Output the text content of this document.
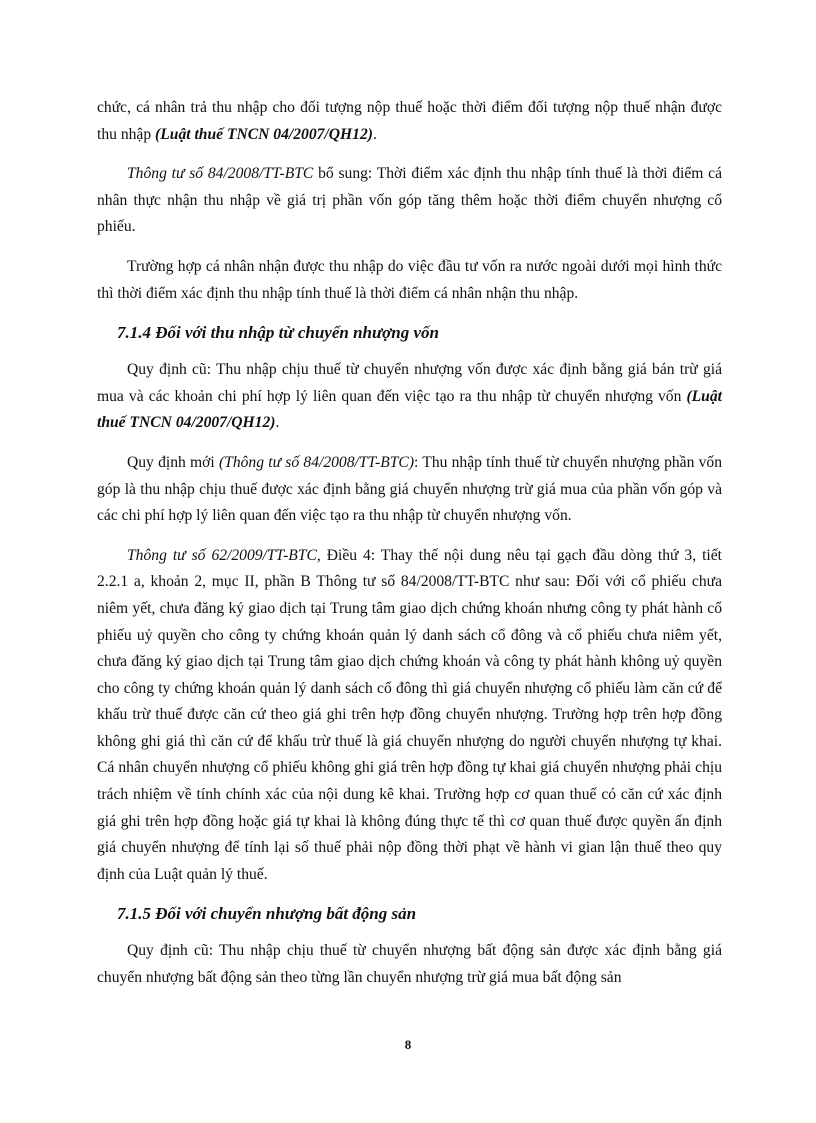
chức, cá nhân trả thu nhập cho đối tượng nộp thuế hoặc thời điểm đối tượng nộp thuế nhận được thu nhập (Luật thuế TNCN 04/2007/QH12).

Thông tư số 84/2008/TT-BTC bổ sung: Thời điểm xác định thu nhập tính thuế là thời điểm cá nhân thực nhận thu nhập về giá trị phần vốn góp tăng thêm hoặc thời điểm chuyển nhượng cổ phiếu.

Trường hợp cá nhân nhận được thu nhập do việc đầu tư vốn ra nước ngoài dưới mọi hình thức thì thời điểm xác định thu nhập tính thuế là thời điểm cá nhân nhận thu nhập.

7.1.4 Đối với thu nhập từ chuyển nhượng vốn

Quy định cũ: Thu nhập chịu thuế từ chuyển nhượng vốn được xác định bằng giá bán trừ giá mua và các khoản chi phí hợp lý liên quan đến việc tạo ra thu nhập từ chuyển nhượng vốn (Luật thuế TNCN 04/2007/QH12).

Quy định mới (Thông tư số 84/2008/TT-BTC): Thu nhập tính thuế từ chuyển nhượng phần vốn góp là thu nhập chịu thuế được xác định bằng giá chuyển nhượng trừ giá mua của phần vốn góp và các chi phí hợp lý liên quan đến việc tạo ra thu nhập từ chuyển nhượng vốn.

Thông tư số 62/2009/TT-BTC, Điều 4: Thay thế nội dung nêu tại gạch đầu dòng thứ 3, tiết 2.2.1 a, khoản 2, mục II, phần B Thông tư số 84/2008/TT-BTC như sau: Đối với cổ phiếu chưa niêm yết, chưa đăng ký giao dịch tại Trung tâm giao dịch chứng khoán nhưng công ty phát hành cổ phiếu uỷ quyền cho công ty chứng khoán quản lý danh sách cổ đông và cổ phiếu chưa niêm yết, chưa đăng ký giao dịch tại Trung tâm giao dịch chứng khoán và công ty phát hành không uỷ quyền cho công ty chứng khoán quản lý danh sách cổ đông thì giá chuyển nhượng cổ phiếu làm căn cứ để khấu trừ thuế được căn cứ theo giá ghi trên hợp đồng chuyển nhượng. Trường hợp trên hợp đồng không ghi giá thì căn cứ để khấu trừ thuế là giá chuyển nhượng do người chuyển nhượng tự khai. Cá nhân chuyển nhượng cổ phiếu không ghi giá trên hợp đồng tự khai giá chuyển nhượng phải chịu trách nhiệm về tính chính xác của nội dung kê khai. Trường hợp cơ quan thuế có căn cứ xác định giá ghi trên hợp đồng hoặc giá tự khai là không đúng thực tế thì cơ quan thuế được quyền ấn định giá chuyển nhượng để tính lại số thuế phải nộp đồng thời phạt về hành vi gian lận thuế theo quy định của Luật quản lý thuế.

7.1.5 Đối với chuyển nhượng bất động sản

Quy định cũ: Thu nhập chịu thuế từ chuyển nhượng bất động sản được xác định bằng giá chuyển nhượng bất động sản theo từng lần chuyển nhượng trừ giá mua bất động sản

8
